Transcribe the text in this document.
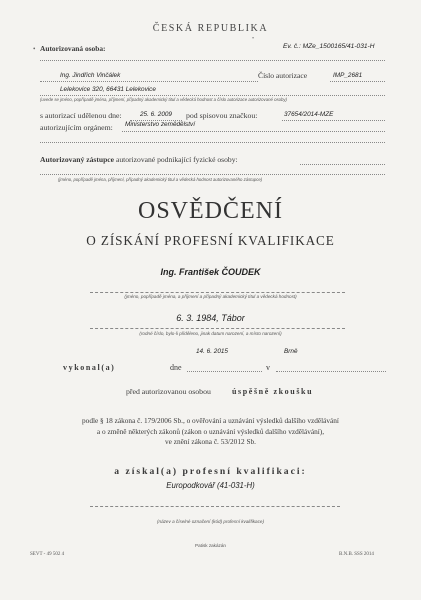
ČESKÁ REPUBLIKA
•
Ev. č.: MZe_1500165/41-031-H
• Autorizovaná osoba:
Ing. Jindřich Vinčálek	Číslo autorizace	IMP_2681
Lelekovice 320, 66431 Lelekovice
(uvede se jméno, popřípadě jména, příjmení, případný akademický titul a vědecká hodnost a číslo autorizace autorizované osoby)
s autorizací udělenou dne:	25. 6. 2009 pod spisovou značkou:	37654/2014-MZE
autorizujícím orgánem: Ministerstvo zemědělství
Autorizovaný zástupce autorizované podnikající fyzické osoby:
(jméno, popřípadě jména, příjmení, případný akademický titul a vědecká hodnost autorizovaného zástupce)
OSVĚDČENÍ
O ZÍSKÁNÍ PROFESNÍ KVALIFIKACE
Ing. František ČOUDEK
(jméno, popřípadě jména, a příjmení a případný akademický titul a vědecká hodnost)
6. 3. 1984, Tábor
(rodné číslo, bylo-li přiděleno, jinak datum narození, a místo narození)
14. 6. 2015	Brně
vykonal(a)	dne	v
před autorizovanou osobou	úspěšně zkoušku
podle § 18 zákona č. 179/2006 Sb., o ověřování a uznávání výsledků dalšího vzdělávání
a o změně některých zákonů (zákon o uznávání výsledků dalšího vzdělávání),
ve znění zákona č. 53/2012 Sb.
a získal(a) profesní kvalifikaci:
Europodkovář (41-031-H)
(název a číselné označení (kód) profesní kvalifikace)
Patisk zakázán
SEVT - 49 502 4	B.N.B. SSS 2014
